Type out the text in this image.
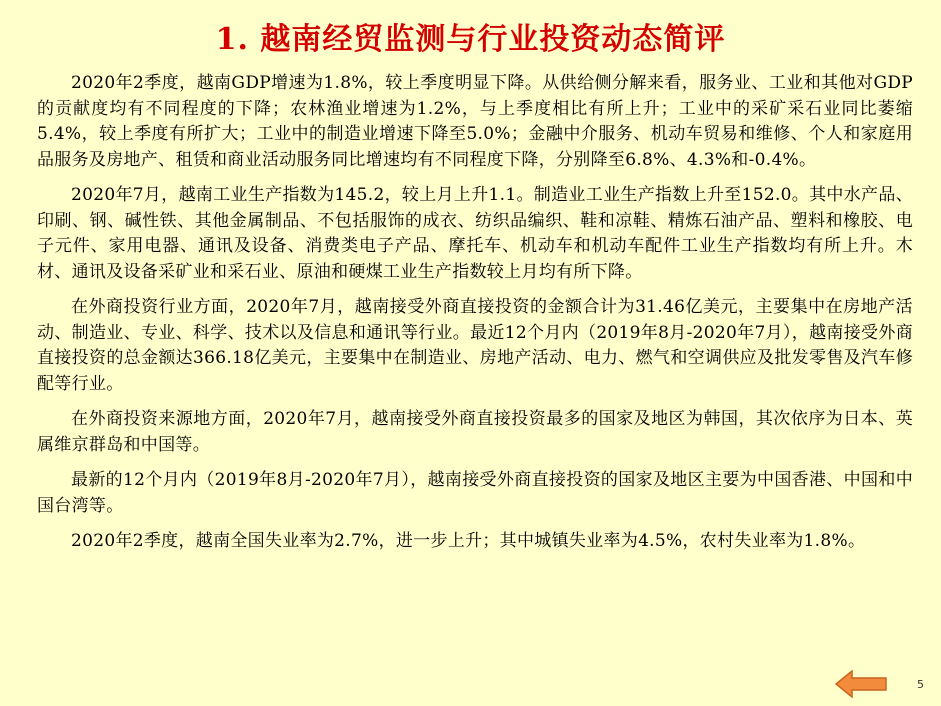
1. 越南经贸监测与行业投资动态简评

2020年2季度，越南GDP增速为1.8%，较上季度明显下降。从供给侧分解来看，服务业、工业和其他对GDP的贡献度均有不同程度的下降；农林渔业增速为1.2%，与上季度相比有所上升；工业中的采矿采石业同比萎缩5.4%，较上季度有所扩大；工业中的制造业增速下降至5.0%；金融中介服务、机动车贸易和维修、个人和家庭用品服务及房地产、租赁和商业活动服务同比增速均有不同程度下降，分别降至6.8%、4.3%和-0.4%。

2020年7月，越南工业生产指数为145.2，较上月上升1.1。制造业工业生产指数上升至152.0。其中水产品、印刷、钢、碱性铁、其他金属制品、不包括服饰的成衣、纺织品编织、鞋和凉鞋、精炼石油产品、塑料和橡胶、电子元件、家用电器、通讯及设备、消费类电子产品、摩托车、机动车和机动车配件工业生产指数均有所上升。木材、通讯及设备采矿业和采石业、原油和硬煤工业生产指数较上月均有所下降。

在外商投资行业方面，2020年7月，越南接受外商直接投资的金额合计为31.46亿美元，主要集中在房地产活动、制造业、专业、科学、技术以及信息和通讯等行业。最近12个月内（2019年8月-2020年7月），越南接受外商直接投资的总金额达366.18亿美元，主要集中在制造业、房地产活动、电力、燃气和空调供应及批发零售及汽车修配等行业。

在外商投资来源地方面，2020年7月，越南接受外商直接投资最多的国家及地区为韩国，其次依序为日本、英属维京群岛和中国等。

最新的12个月内（2019年8月-2020年7月），越南接受外商直接投资的国家及地区主要为中国香港、中国和中国台湾等。

2020年2季度，越南全国失业率为2.7%，进一步上升；其中城镇失业率为4.5%，农村失业率为1.8%。

5
